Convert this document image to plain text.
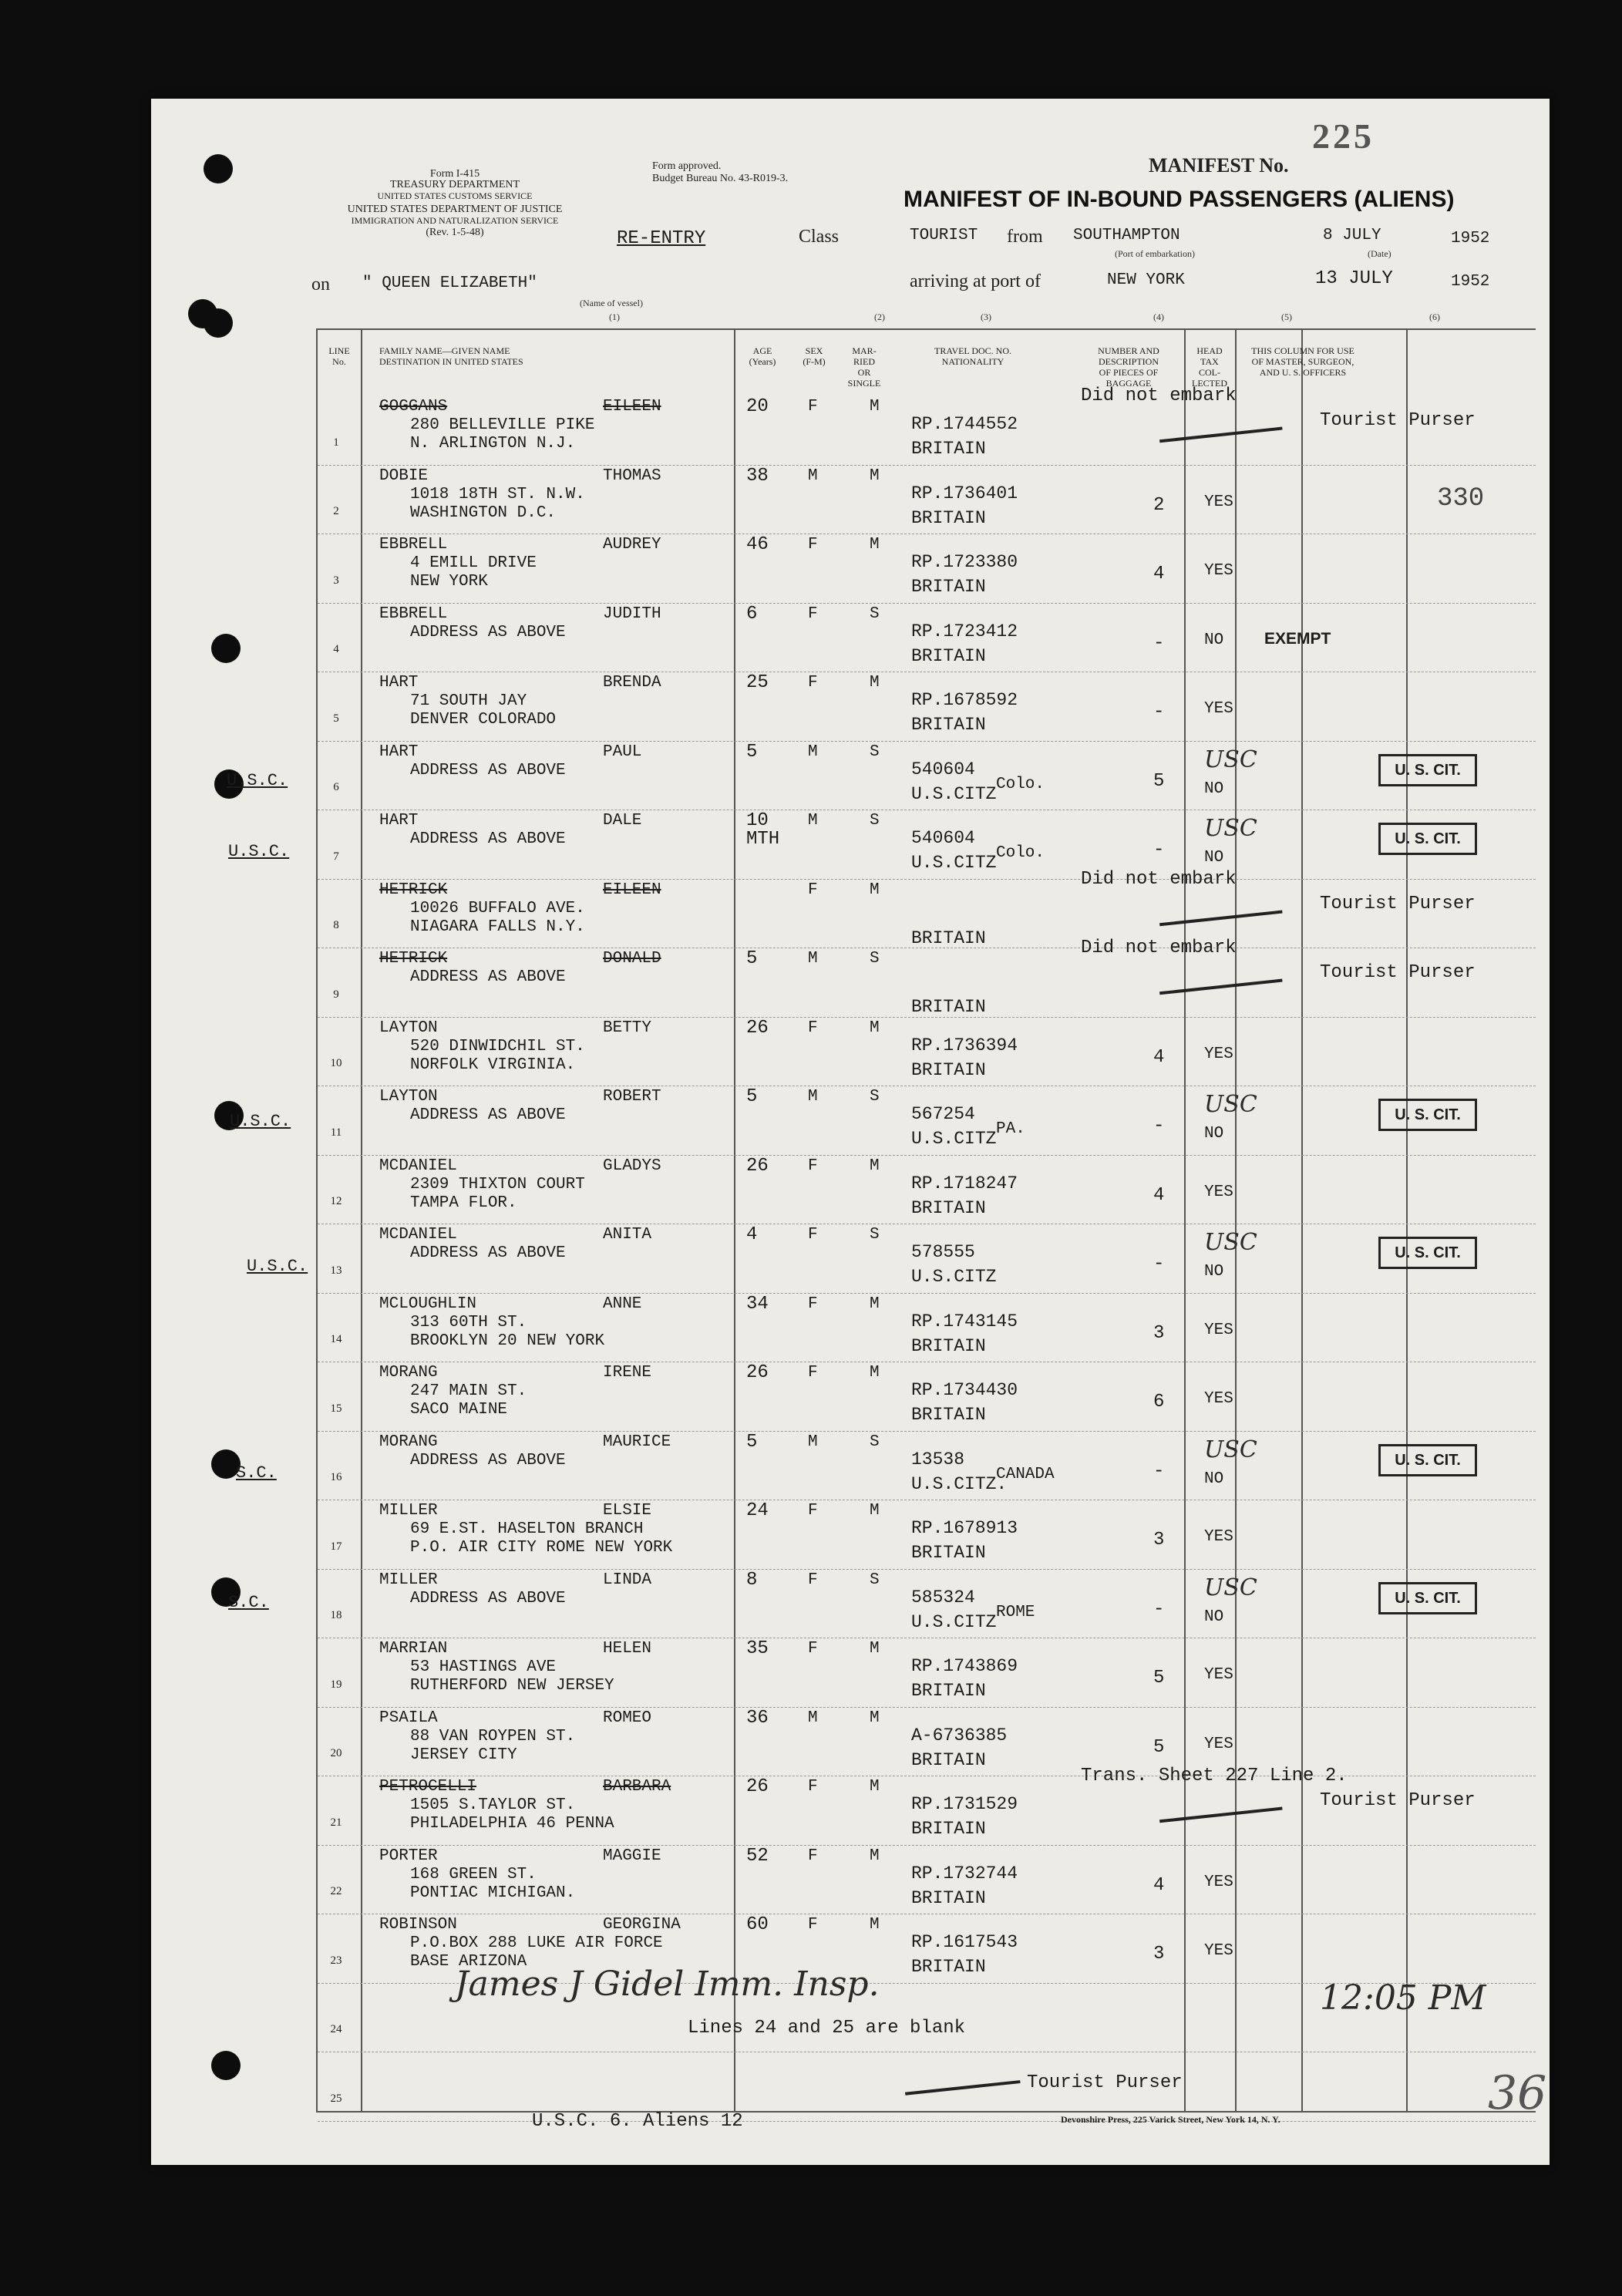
Form I-415
TREASURY DEPARTMENT
UNITED STATES CUSTOMS SERVICE
UNITED STATES DEPARTMENT OF JUSTICE
IMMIGRATION AND NATURALIZATION SERVICE
(Rev. 1-5-48)
Form approved.
Budget Bureau No. 43-R019-3.
MANIFEST No.
225
MANIFEST OF IN-BOUND PASSENGERS (ALIENS)
RE-ENTRY	Class	TOURIST from SOUTHAMPTON
(Port of embarkation)
8 JULY	1952
(Date)
on " QUEEN ELIZABETH"
(Name of vessel)
arriving at port of	NEW YORK	13 JULY	1952
(1)	(2)	(3)	(4)	(5)	(6)
330
LINE
No.
FAMILY NAME—GIVEN NAME
DESTINATION IN UNITED STATES
AGE
(Years)
SEX
(F-M)
MAR-
RIED
OR
SINGLE
TRAVEL DOC. NO.
NATIONALITY
NUMBER AND DESCRIPTION
OF PIECES OF
BAGGAGE
HEAD
TAX
COL-
LECTED
THIS COLUMN FOR USE
OF MASTER, SURGEON,
AND U. S. OFFICERS
1
GOGGANS	EILEEN
280 BELLEVILLE PIKE
N. ARLINGTON N.J.
20 F	M
RP.1744552
BRITAIN
Did not embark
Tourist Purser
2
DOBIE	THOMAS
1018 18TH ST. N.W.
WASHINGTON D.C.
38 M	M
RP.1736401
BRITAIN
2 YES
3
EBBRELL	AUDREY
4 EMILL DRIVE
NEW YORK
46 F	M
RP.1723380
BRITAIN
4 YES
4
EBBRELL	JUDITH
ADDRESS AS ABOVE
6	F	S
RP.1723412
BRITAIN
- NO	EXEMPT
5
HART	BRENDA
71 SOUTH JAY
DENVER COLORADO
25 F	M
RP.1678592
BRITAIN
- YES
6
HART	PAUL
ADDRESS AS ABOVE
5	M	S
540604
Colo.
U.S.CITZ
5 NO
USC	U. S. CIT.
7
HART	DALE
ADDRESS AS ABOVE
10
MTH
M	S
540604
Colo.
U.S.CITZ
- NO
USC	U. S. CIT.
8
HETRICK	EILEEN
10026 BUFFALO AVE.
NIAGARA FALLS N.Y.
F	M
BRITAIN
Did not embark
Tourist Purser
9
HETRICK	DONALD
ADDRESS AS ABOVE
5	M	S
BRITAIN
Did not embark
Tourist Purser
10
LAYTON	BETTY
520 DINWIDCHIL ST.
NORFOLK VIRGINIA.
26 F	M
RP.1736394
BRITAIN
4 YES
11
LAYTON	ROBERT
ADDRESS AS ABOVE
5	M	S
567254
PA.
U.S.CITZ
- NO
USC	U. S. CIT.
12
MCDANIEL	GLADYS
2309 THIXTON COURT
TAMPA FLOR.
26 F	M
RP.1718247
BRITAIN
4 YES
13
MCDANIEL	ANITA
ADDRESS AS ABOVE
4	F	S
578555
U.S.CITZ
- NO
USC	U. S. CIT.
14
MCLOUGHLIN	ANNE
313 60TH ST.
BROOKLYN 20 NEW YORK
34 F	M
RP.1743145
BRITAIN
3 YES
15
MORANG	IRENE
247 MAIN ST.
SACO MAINE
26 F	M
RP.1734430
BRITAIN
6 YES
16
MORANG	MAURICE
ADDRESS AS ABOVE
5	M	S
13538
CANADA
U.S.CITZ.
- NO
USC	U. S. CIT.
17
MILLER	ELSIE
69 E.ST. HASELTON BRANCH
P.O. AIR CITY ROME NEW YORK
24 F	M
RP.1678913
BRITAIN
3 YES
18
MILLER	LINDA
ADDRESS AS ABOVE
8	F	S
585324
ROME
U.S.CITZ
- NO
USC	U. S. CIT.
19
MARRIAN	HELEN
53 HASTINGS AVE
RUTHERFORD NEW JERSEY
35 F	M
RP.1743869
BRITAIN
5 YES
20
PSAILA	ROMEO
88 VAN ROYPEN ST.
JERSEY CITY
36 M	M
A-6736385
BRITAIN
5 YES
21
PETROCELLI	BARBARA
1505 S.TAYLOR ST.
PHILADELPHIA 46 PENNA
26 F	M
RP.1731529
BRITAIN
Trans. Sheet 227 Line 2.
Tourist Purser
22
PORTER	MAGGIE
168 GREEN ST.
PONTIAC MICHIGAN.
52 F	M
RP.1732744
BRITAIN
4 YES
23
ROBINSON	GEORGINA
P.O.BOX 288 LUKE AIR FORCE
BASE ARIZONA
60 F	M
RP.1617543
BRITAIN
3 YES
24	Lines 24 and 25 are blank
25
Tourist Purser
U.S.C. 6. Aliens 12	Devonshire Press, 225 Varick Street, New York 14, N. Y.
James J Gidel Imm. Insp.	12:05 PM
36
U.S.C.
U.S.C.
U.S.C.
U.S.C.
S.C.
S.C.
